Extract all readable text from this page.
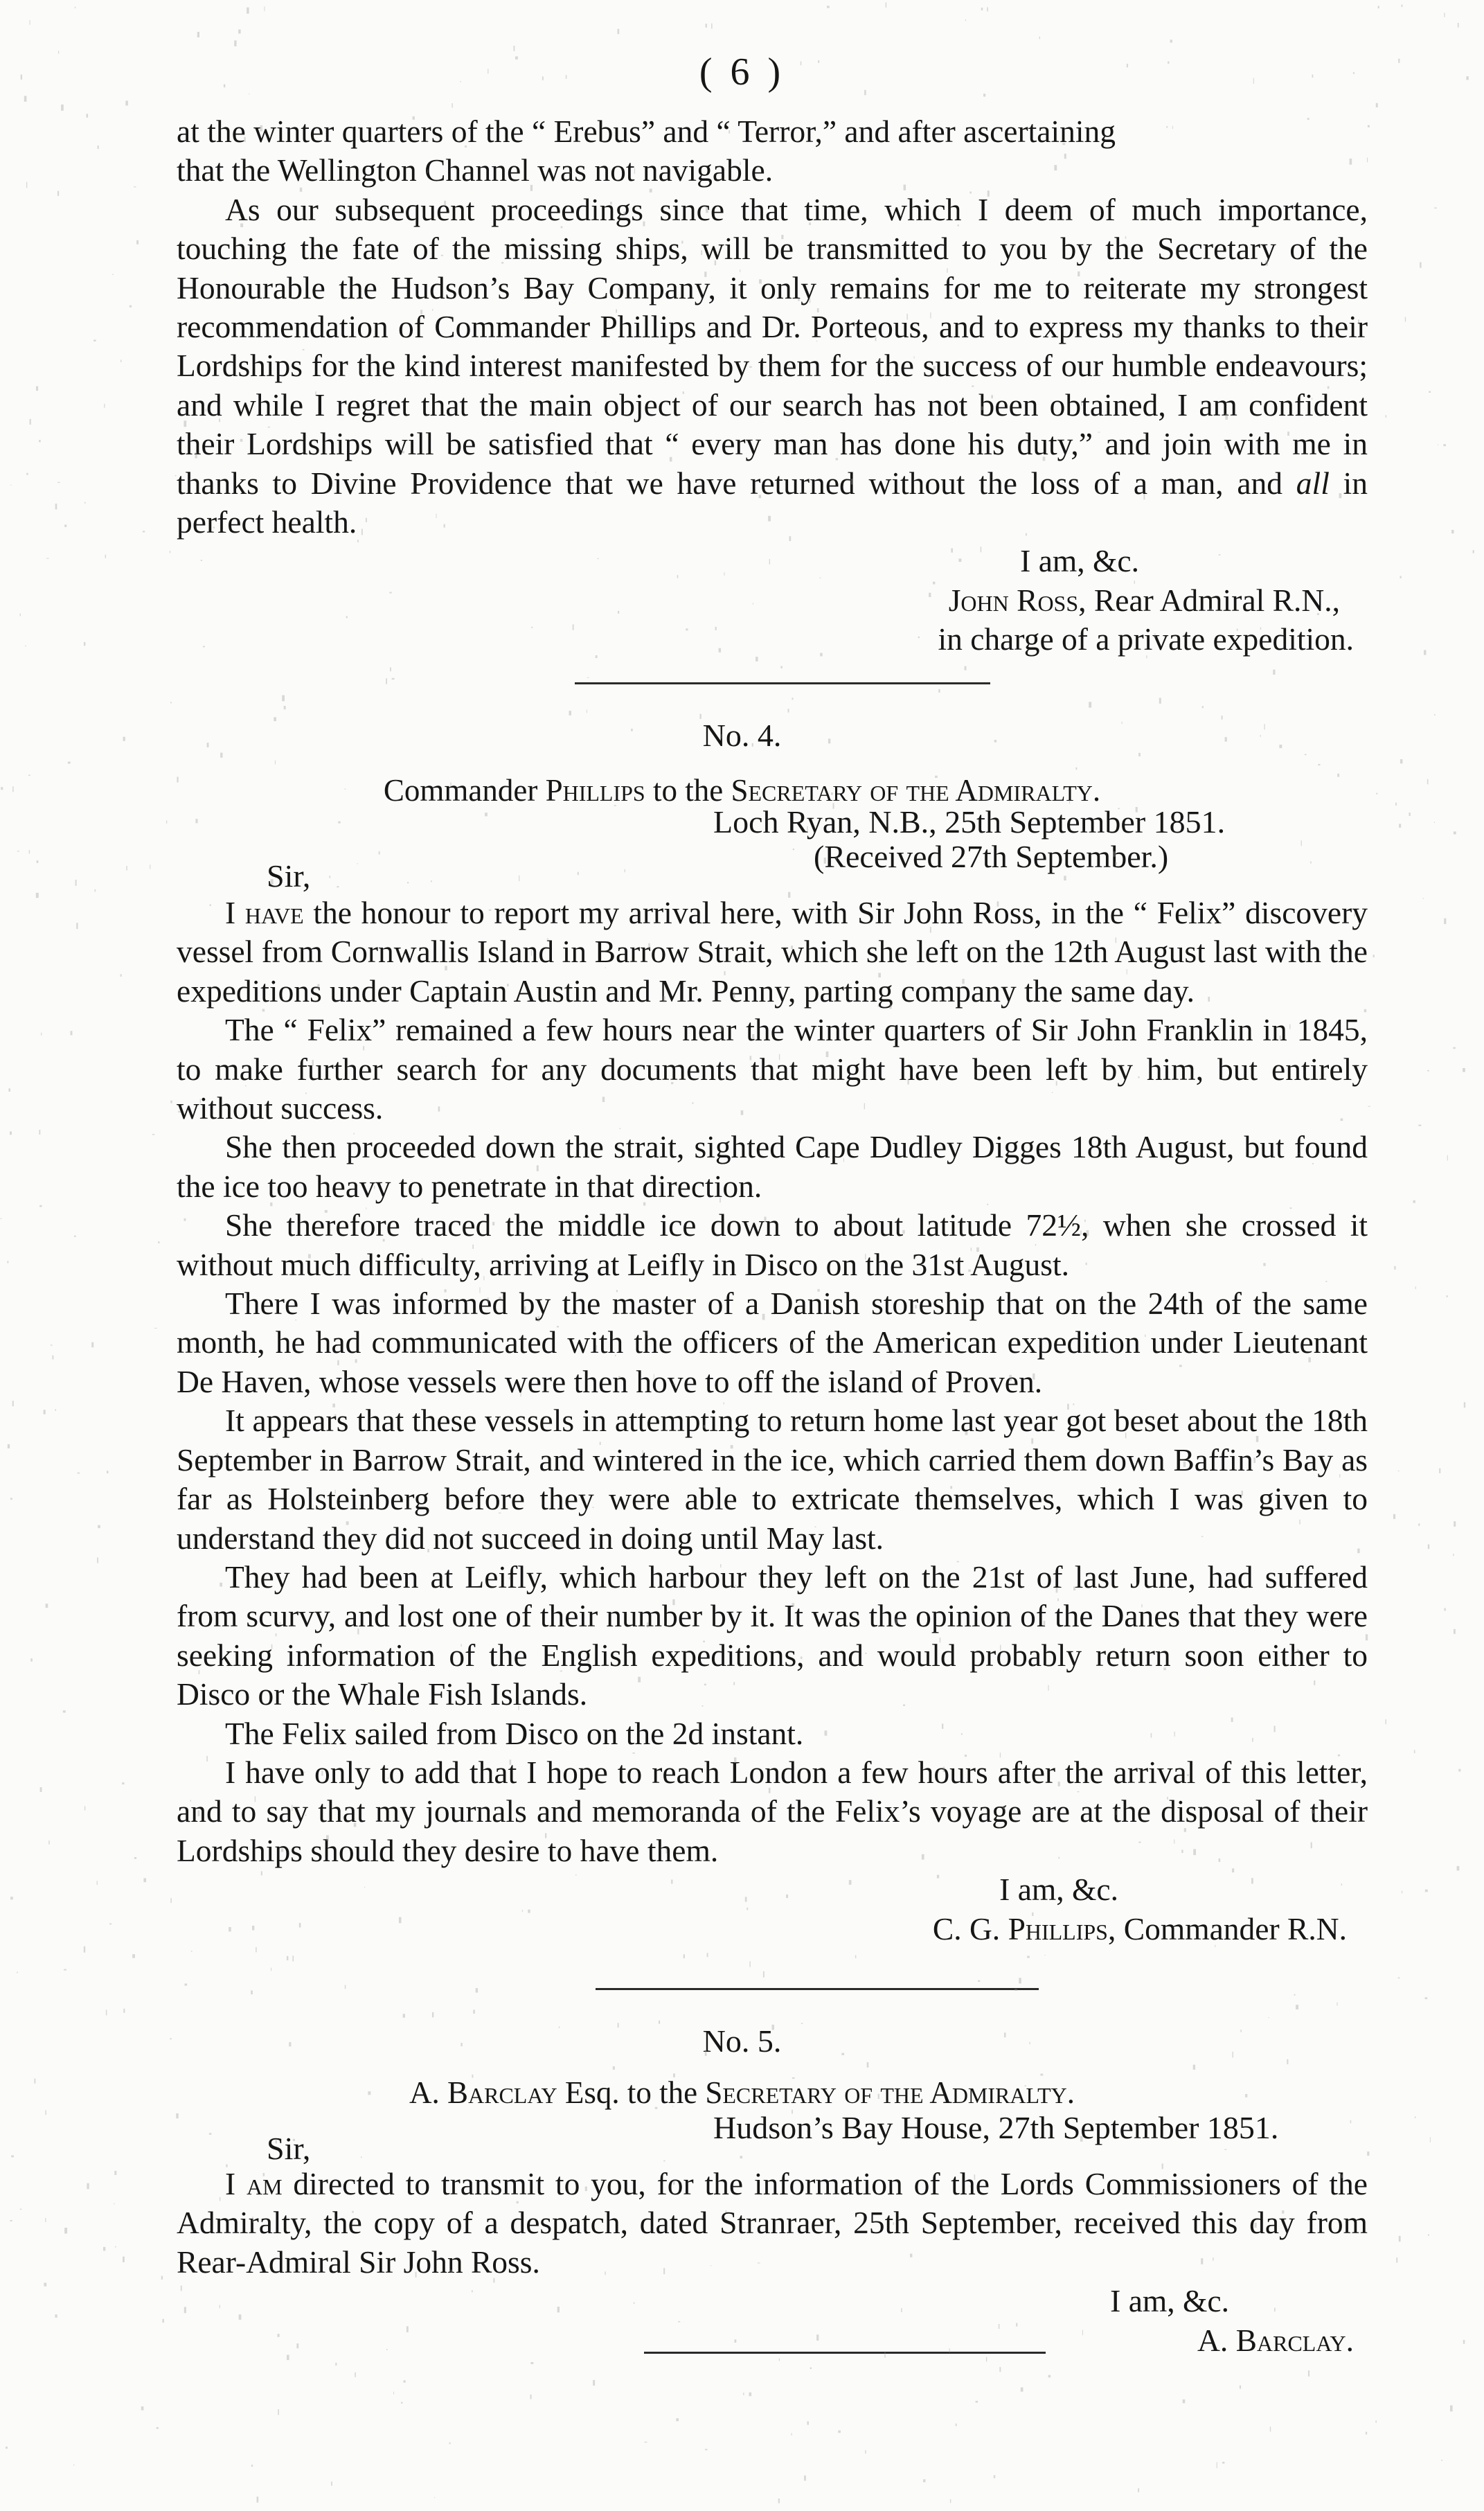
( 6 )

at the winter quarters of the “ Erebus” and “ Terror,” and after ascertaining

that the Wellington Channel was not navigable.

As our subsequent proceedings since that time, which I deem of much importance, touching the fate of the missing ships, will be transmitted to you by the Secretary of the Honourable the Hudson’s Bay Company, it only remains for me to reiterate my strongest recommendation of Commander Phillips and Dr. Porteous, and to express my thanks to their Lordships for the kind interest manifested by them for the success of our humble endeavours; and while I regret that the main object of our search has not been obtained, I am confident their Lordships will be satisfied that “ every man has done his duty,” and join with me in thanks to Divine Providence that we have returned without the loss of a man, and all in perfect health.

I am, &c.

John Ross, Rear Admiral R.N.,

in charge of a private expedition.

No. 4.
Commander Phillips to the Secretary of the Admiralty.
Loch Ryan, N.B., 25th September 1851.
(Received 27th September.)
Sir,

I have the honour to report my arrival here, with Sir John Ross, in the “ Felix” discovery vessel from Cornwallis Island in Barrow Strait, which she left on the 12th August last with the expeditions under Captain Austin and Mr. Penny, parting company the same day.

The “ Felix” remained a few hours near the winter quarters of Sir John Franklin in 1845, to make further search for any documents that might have been left by him, but entirely without success.

She then proceeded down the strait, sighted Cape Dudley Digges 18th August, but found the ice too heavy to penetrate in that direction.

She therefore traced the middle ice down to about latitude 72½, when she crossed it without much difficulty, arriving at Leifly in Disco on the 31st August.

There I was informed by the master of a Danish storeship that on the 24th of the same month, he had communicated with the officers of the American expedition under Lieutenant De Haven, whose vessels were then hove to off the island of Proven.

It appears that these vessels in attempting to return home last year got beset about the 18th September in Barrow Strait, and wintered in the ice, which carried them down Baffin’s Bay as far as Holsteinberg before they were able to extricate themselves, which I was given to understand they did not succeed in doing until May last.

They had been at Leifly, which harbour they left on the 21st of last June, had suffered from scurvy, and lost one of their number by it. It was the opinion of the Danes that they were seeking information of the English expeditions, and would probably return soon either to Disco or the Whale Fish Islands.

The Felix sailed from Disco on the 2d instant.

I have only to add that I hope to reach London a few hours after the arrival of this letter, and to say that my journals and memoranda of the Felix’s voyage are at the disposal of their Lordships should they desire to have them.

I am, &c.

C. G. Phillips, Commander R.N.

No. 5.
A. Barclay Esq. to the Secretary of the Admiralty.
Hudson’s Bay House, 27th September 1851.
Sir,

I am directed to transmit to you, for the information of the Lords Commissioners of the Admiralty, the copy of a despatch, dated Stranraer, 25th September, received this day from Rear-Admiral Sir John Ross.

I am, &c.

A. Barclay.
